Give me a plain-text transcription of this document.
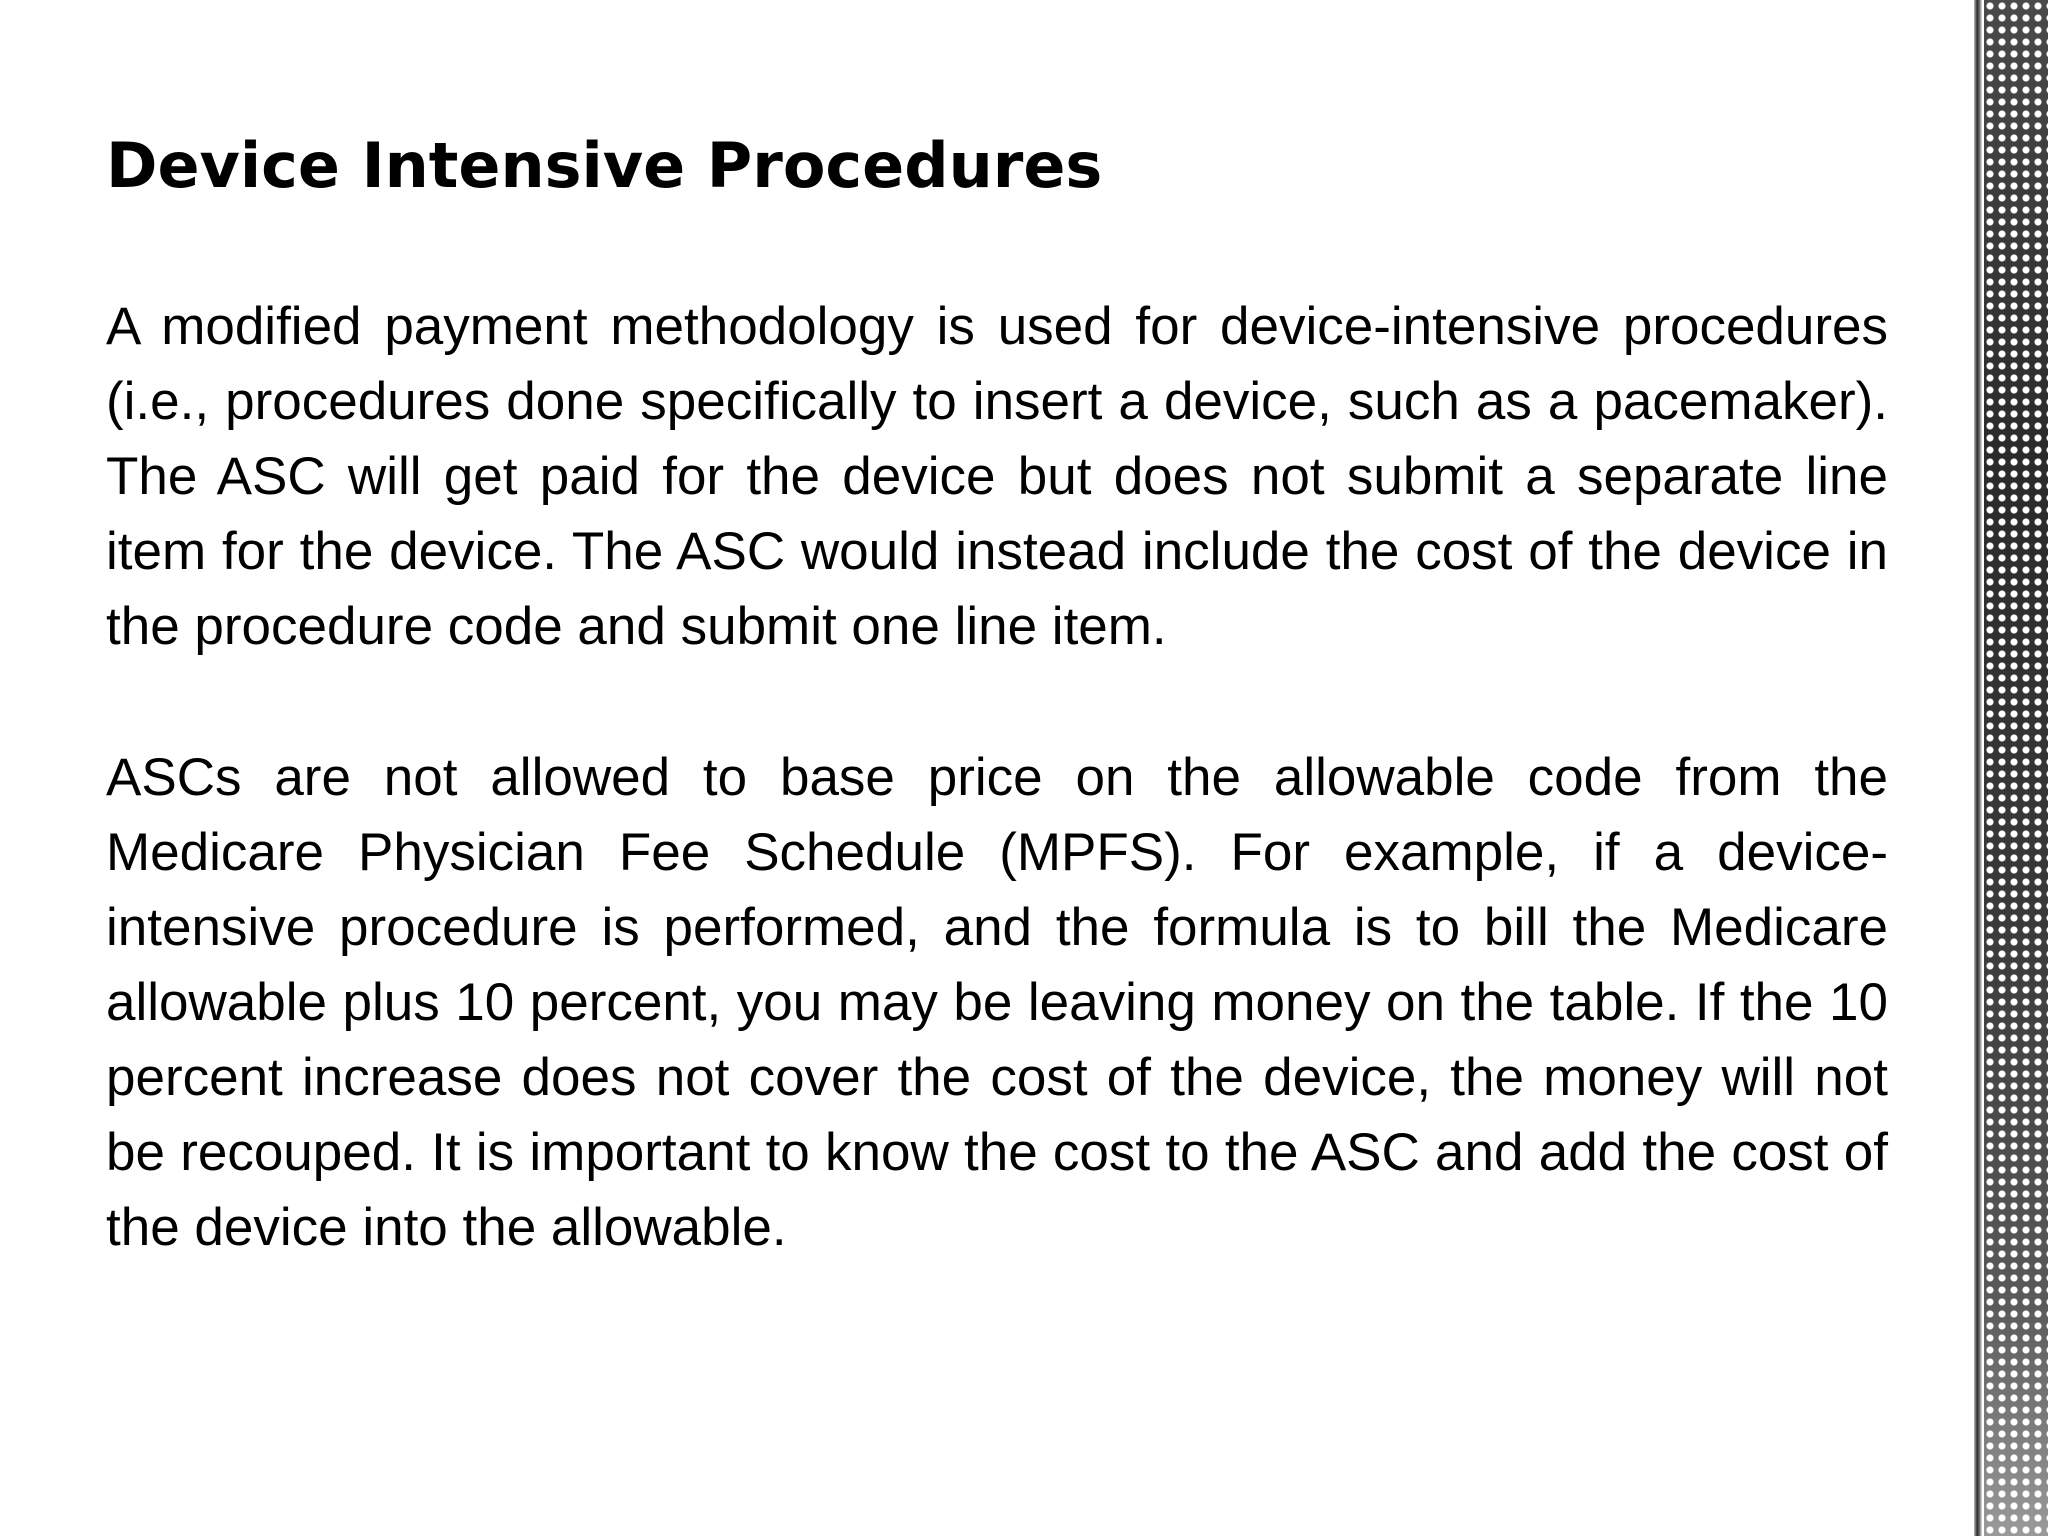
Device Intensive Procedures

A modified payment methodology is used for device-intensive procedures (i.e., procedures done specifically to insert a device, such as a pacemaker). The ASC will get paid for the device but does not submit a separate line item for the device. The ASC would instead include the cost of the device in the procedure code and submit one line item.

ASCs are not allowed to base price on the allowable code from the Medicare Physician Fee Schedule (MPFS). For example, if a device-intensive procedure is performed, and the formula is to bill the Medicare allowable plus 10 percent, you may be leaving money on the table. If the 10 percent increase does not cover the cost of the device, the money will not be recouped. It is important to know the cost to the ASC and add the cost of the device into the allowable.
